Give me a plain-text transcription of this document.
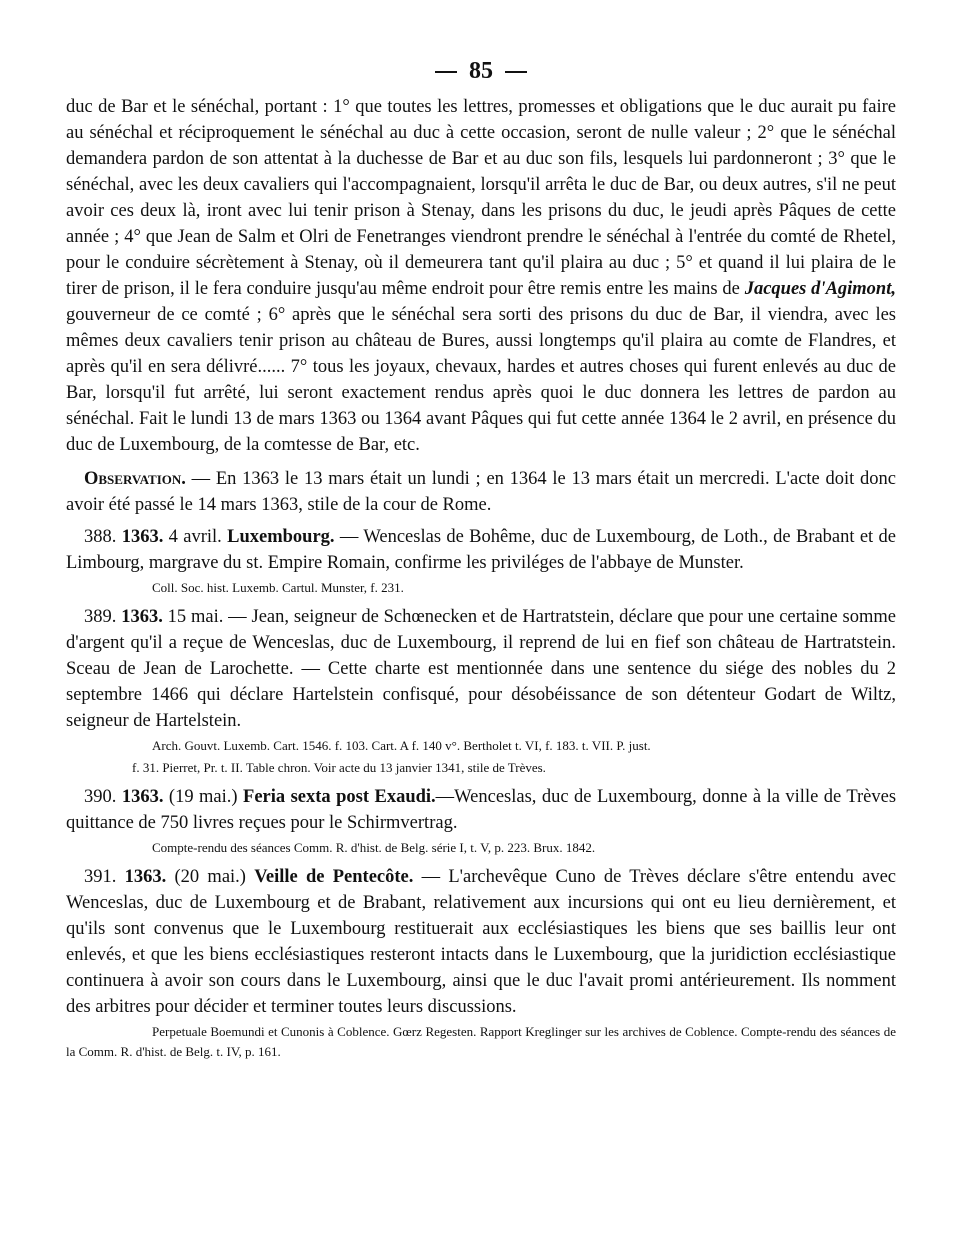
85

duc de Bar et le sénéchal, portant : 1° que toutes les lettres, promesses et obligations que le duc aurait pu faire au sénéchal et réciproquement le sénéchal au duc à cette occasion, seront de nulle valeur ; 2° que le sénéchal demandera pardon de son attentat à la duchesse de Bar et au duc son fils, lesquels lui pardonneront ; 3° que le sénéchal, avec les deux cavaliers qui l'accompagnaient, lorsqu'il arrêta le duc de Bar, ou deux autres, s'il ne peut avoir ces deux là, iront avec lui tenir prison à Stenay, dans les prisons du duc, le jeudi après Pâques de cette année ; 4° que Jean de Salm et Olri de Fenetranges viendront prendre le sénéchal à l'entrée du comté de Rhetel, pour le conduire sécrètement à Stenay, où il demeurera tant qu'il plaira au duc ; 5° et quand il lui plaira de le tirer de prison, il le fera conduire jusqu'au même endroit pour être remis entre les mains de Jacques d'Agimont, gouverneur de ce comté ; 6° après que le sénéchal sera sorti des prisons du duc de Bar, il viendra, avec les mêmes deux cavaliers tenir prison au château de Bures, aussi longtemps qu'il plaira au comte de Flandres, et après qu'il en sera délivré...... 7° tous les joyaux, chevaux, hardes et autres choses qui furent enlevés au duc de Bar, lorsqu'il fut arrêté, lui seront exactement rendus après quoi le duc donnera les lettres de pardon au sénéchal. Fait le lundi 13 de mars 1363 ou 1364 avant Pâques qui fut cette année 1364 le 2 avril, en présence du duc de Luxembourg, de la comtesse de Bar, etc.

Observation. — En 1363 le 13 mars était un lundi ; en 1364 le 13 mars était un mercredi. L'acte doit donc avoir été passé le 14 mars 1363, stile de la cour de Rome.

388. 1363. 4 avril. Luxembourg. — Wenceslas de Bohême, duc de Luxembourg, de Loth., de Brabant et de Limbourg, margrave du st. Empire Romain, confirme les priviléges de l'abbaye de Munster.

Coll. Soc. hist. Luxemb. Cartul. Munster, f. 231.

389. 1363. 15 mai. — Jean, seigneur de Schœnecken et de Hartratstein, déclare que pour une certaine somme d'argent qu'il a reçue de Wenceslas, duc de Luxembourg, il reprend de lui en fief son château de Hartratstein. Sceau de Jean de Larochette. — Cette charte est mentionnée dans une sentence du siége des nobles du 2 septembre 1466 qui déclare Hartelstein confisqué, pour désobéissance de son détenteur Godart de Wiltz, seigneur de Hartelstein.

Arch. Gouvt. Luxemb. Cart. 1546. f. 103. Cart. A f. 140 v°. Bertholet t. VI, f. 183. t. VII. P. just.
f. 31. Pierret, Pr. t. II. Table chron. Voir acte du 13 janvier 1341, stile de Trèves.

390. 1363. (19 mai.) Feria sexta post Exaudi.—Wenceslas, duc de Luxembourg, donne à la ville de Trèves quittance de 750 livres reçues pour le Schirmvertrag.

Compte-rendu des séances Comm. R. d'hist. de Belg. série I, t. V, p. 223. Brux. 1842.

391. 1363. (20 mai.) Veille de Pentecôte. — L'archevêque Cuno de Trèves déclare s'être entendu avec Wenceslas, duc de Luxembourg et de Brabant, relativement aux incursions qui ont eu lieu dernièrement, et qu'ils sont convenus que le Luxembourg restituerait aux ecclésiastiques les biens que ses baillis leur ont enlevés, et que les biens ecclésiastiques resteront intacts dans le Luxembourg, que la juridiction ecclésiastique continuera à avoir son cours dans le Luxembourg, ainsi que le duc l'avait promi antérieurement. Ils nomment des arbitres pour décider et terminer toutes leurs discussions.

Perpetuale Boemundi et Cunonis à Coblence. Gœrz Regesten. Rapport Kreglinger sur les archives de Coblence. Compte-rendu des séances de la Comm. R. d'hist. de Belg. t. IV, p. 161.
